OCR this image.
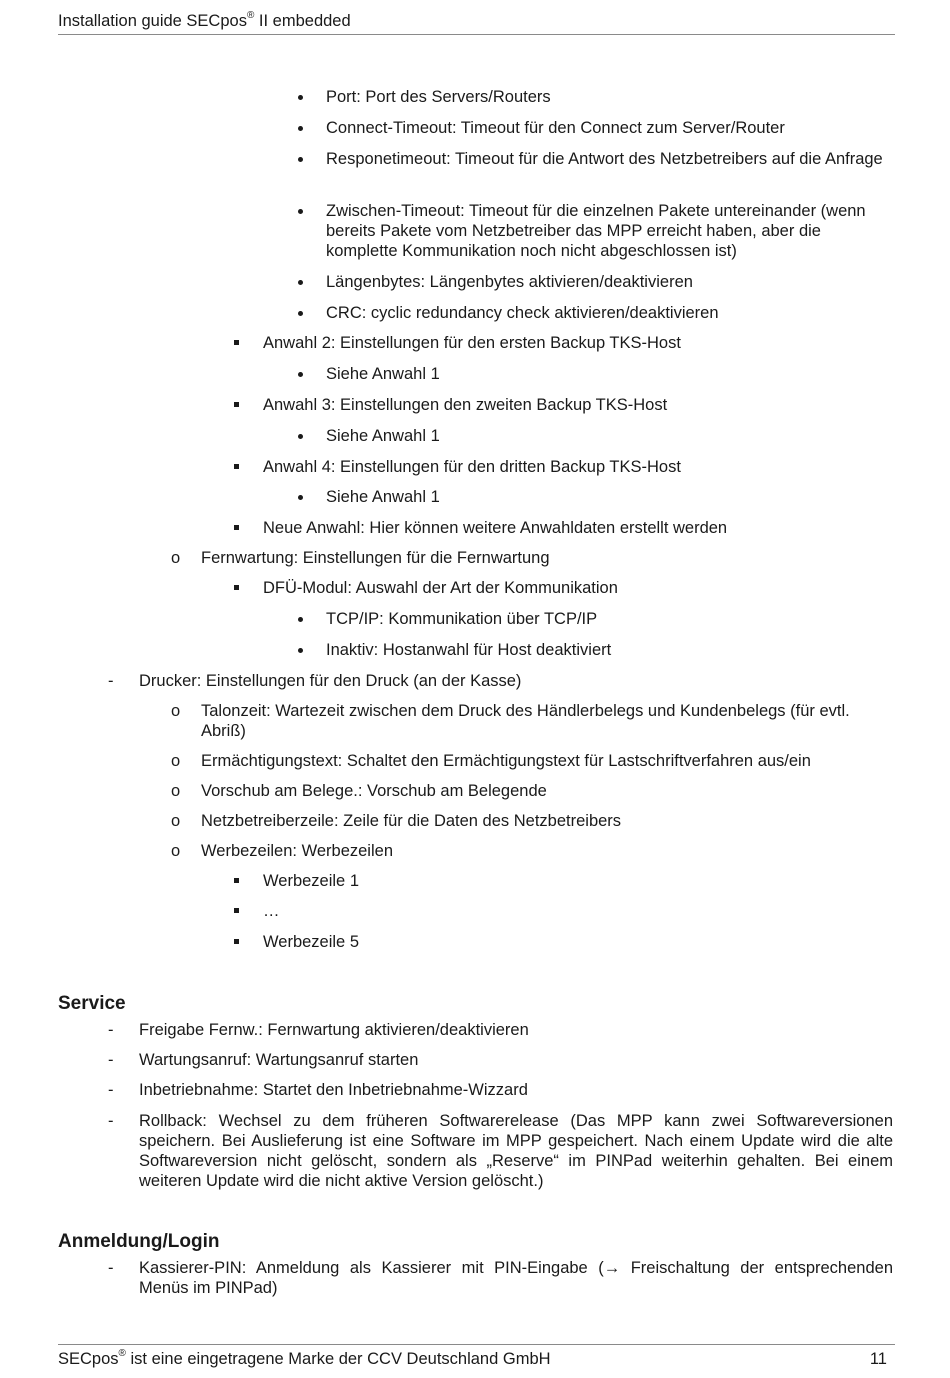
Installation guide SECpos® II embedded
Port: Port des Servers/Routers
Connect-Timeout: Timeout für den Connect zum Server/Router
Responetimeout: Timeout für die Antwort des Netzbetreibers auf die Anfrage
Zwischen-Timeout: Timeout für die einzelnen Pakete untereinander (wenn bereits Pakete vom Netzbetreiber das MPP erreicht haben, aber die komplette Kommunikation noch nicht abgeschlossen ist)
Längenbytes: Längenbytes aktivieren/deaktivieren
CRC: cyclic redundancy check aktivieren/deaktivieren
Anwahl 2: Einstellungen für den ersten Backup TKS-Host
Siehe Anwahl 1
Anwahl 3: Einstellungen den zweiten Backup TKS-Host
Siehe Anwahl 1
Anwahl 4: Einstellungen für den dritten Backup TKS-Host
Siehe Anwahl 1
Neue Anwahl: Hier können weitere Anwahldaten erstellt werden
o Fernwartung: Einstellungen für die Fernwartung
DFÜ-Modul: Auswahl der Art der Kommunikation
TCP/IP: Kommunikation über TCP/IP
Inaktiv: Hostanwahl für Host deaktiviert
- Drucker: Einstellungen für den Druck (an der Kasse)
o Talonzeit: Wartezeit zwischen dem Druck des Händlerbelegs und Kundenbelegs (für evtl. Abriß)
o Ermächtigungstext: Schaltet den Ermächtigungstext für Lastschriftverfahren aus/ein
o Vorschub am Belege.: Vorschub am Belegende
o Netzbetreiberzeile: Zeile für die Daten des Netzbetreibers
o Werbezeilen: Werbezeilen
Werbezeile 1
…
Werbezeile 5
Service
- Freigabe Fernw.: Fernwartung aktivieren/deaktivieren
- Wartungsanruf: Wartungsanruf starten
- Inbetriebnahme: Startet den Inbetriebnahme-Wizzard
- Rollback: Wechsel zu dem früheren Softwarerelease (Das MPP kann zwei Softwareversionen speichern. Bei Auslieferung ist eine Software im MPP gespeichert. Nach einem Update wird die alte Softwareversion nicht gelöscht, sondern als „Reserve“ im PINPad weiterhin gehalten. Bei einem weiteren Update wird die nicht aktive Version gelöscht.)
Anmeldung/Login
- Kassierer-PIN: Anmeldung als Kassierer mit PIN-Eingabe (→ Freischaltung der entsprechenden Menüs im PINPad)
SECpos® ist eine eingetragene Marke der CCV Deutschland GmbH	11
